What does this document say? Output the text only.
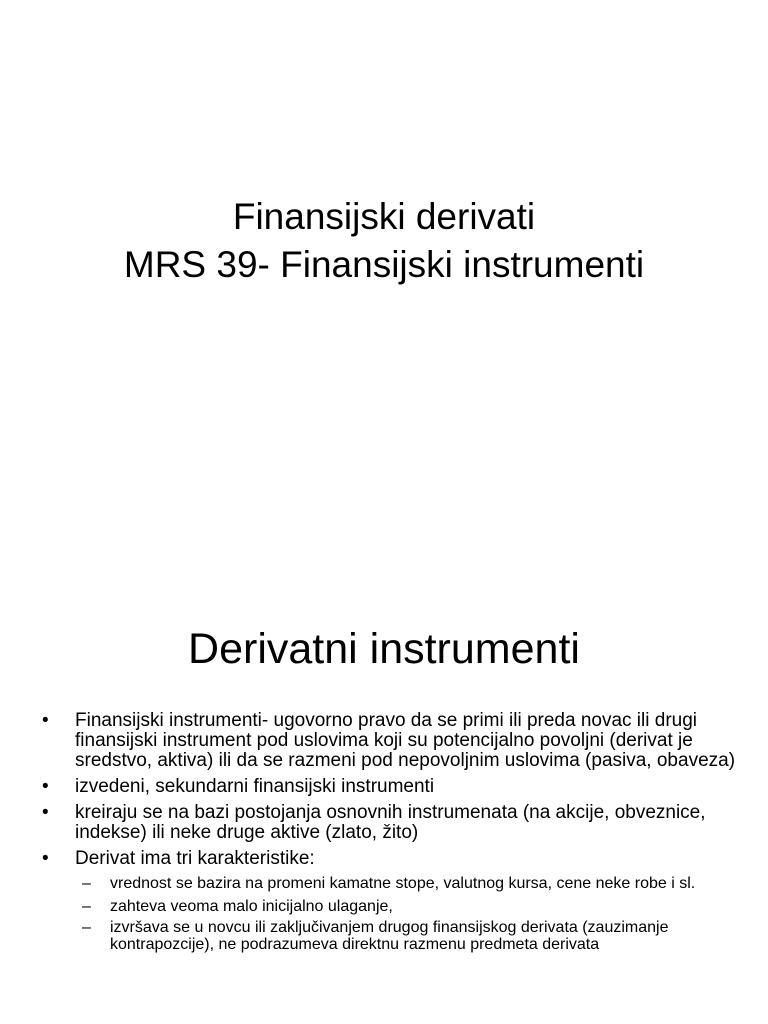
Finansijski derivati
MRS 39- Finansijski instrumenti
Derivatni instrumenti
•	Finansijski instrumenti- ugovorno pravo da se primi ili preda novac ili drugi finansijski instrument pod uslovima koji su potencijalno povoljni (derivat je sredstvo, aktiva) ili da se razmeni pod nepovoljnim uslovima (pasiva, obaveza)
•	izvedeni, sekundarni finansijski instrumenti
•	kreiraju se na bazi postojanja osnovnih instrumenata (na akcije, obveznice, indekse) ili neke druge aktive (zlato, žito)
•	Derivat ima tri karakteristike:
– vrednost se bazira na promeni kamatne stope, valutnog kursa, cene neke robe i sl.
– zahteva veoma malo inicijalno ulaganje,
– izvršava se u novcu ili zaključivanjem drugog finansijskog derivata (zauzimanje kontrapozcije), ne podrazumeva direktnu razmenu predmeta derivata
